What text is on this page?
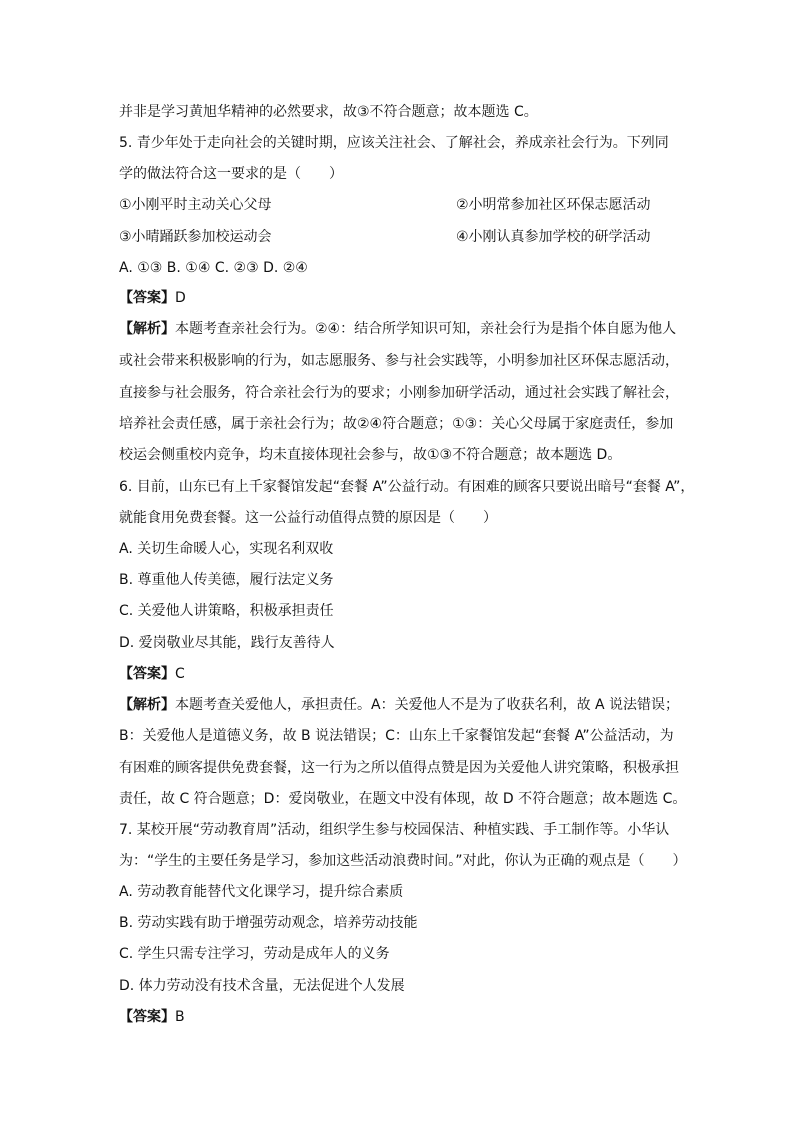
并非是学习黄旭华精神的必然要求，故③不符合题意；故本题选 C。
5. 青少年处于走向社会的关键时期，应该关注社会、了解社会，养成亲社会行为。下列同
学的做法符合这一要求的是（　　）
①小刚平时主动关心父母	②小明常参加社区环保志愿活动
③小晴踊跃参加校运动会	④小刚认真参加学校的研学活动
A. ①③ B. ①④ C. ②③ D. ②④
【答案】D
【解析】本题考查亲社会行为。②④：结合所学知识可知，亲社会行为是指个体自愿为他人
或社会带来积极影响的行为，如志愿服务、参与社会实践等，小明参加社区环保志愿活动，
直接参与社会服务，符合亲社会行为的要求；小刚参加研学活动，通过社会实践了解社会，
培养社会责任感，属于亲社会行为；故②④符合题意；①③：关心父母属于家庭责任，参加
校运会侧重校内竞争，均未直接体现社会参与，故①③不符合题意；故本题选 D。
6. 目前，山东已有上千家餐馆发起“套餐 A”公益行动。有困难的顾客只要说出暗号“套餐 A”，
就能食用免费套餐。这一公益行动值得点赞的原因是（　　）
A. 关切生命暖人心，实现名利双收
B. 尊重他人传美德，履行法定义务
C. 关爱他人讲策略，积极承担责任
D. 爱岗敬业尽其能，践行友善待人
【答案】C
【解析】本题考查关爱他人，承担责任。A：关爱他人不是为了收获名利，故 A 说法错误；
B：关爱他人是道德义务，故 B 说法错误；C：山东上千家餐馆发起“套餐 A”公益活动，为
有困难的顾客提供免费套餐，这一行为之所以值得点赞是因为关爱他人讲究策略，积极承担
责任，故 C 符合题意；D：爱岗敬业，在题文中没有体现，故 D 不符合题意；故本题选 C。
7. 某校开展“劳动教育周”活动，组织学生参与校园保洁、种植实践、手工制作等。小华认
为：“学生的主要任务是学习，参加这些活动浪费时间。”对此，你认为正确的观点是（　　）
A. 劳动教育能替代文化课学习，提升综合素质
B. 劳动实践有助于增强劳动观念，培养劳动技能
C. 学生只需专注学习，劳动是成年人的义务
D. 体力劳动没有技术含量，无法促进个人发展
【答案】B
